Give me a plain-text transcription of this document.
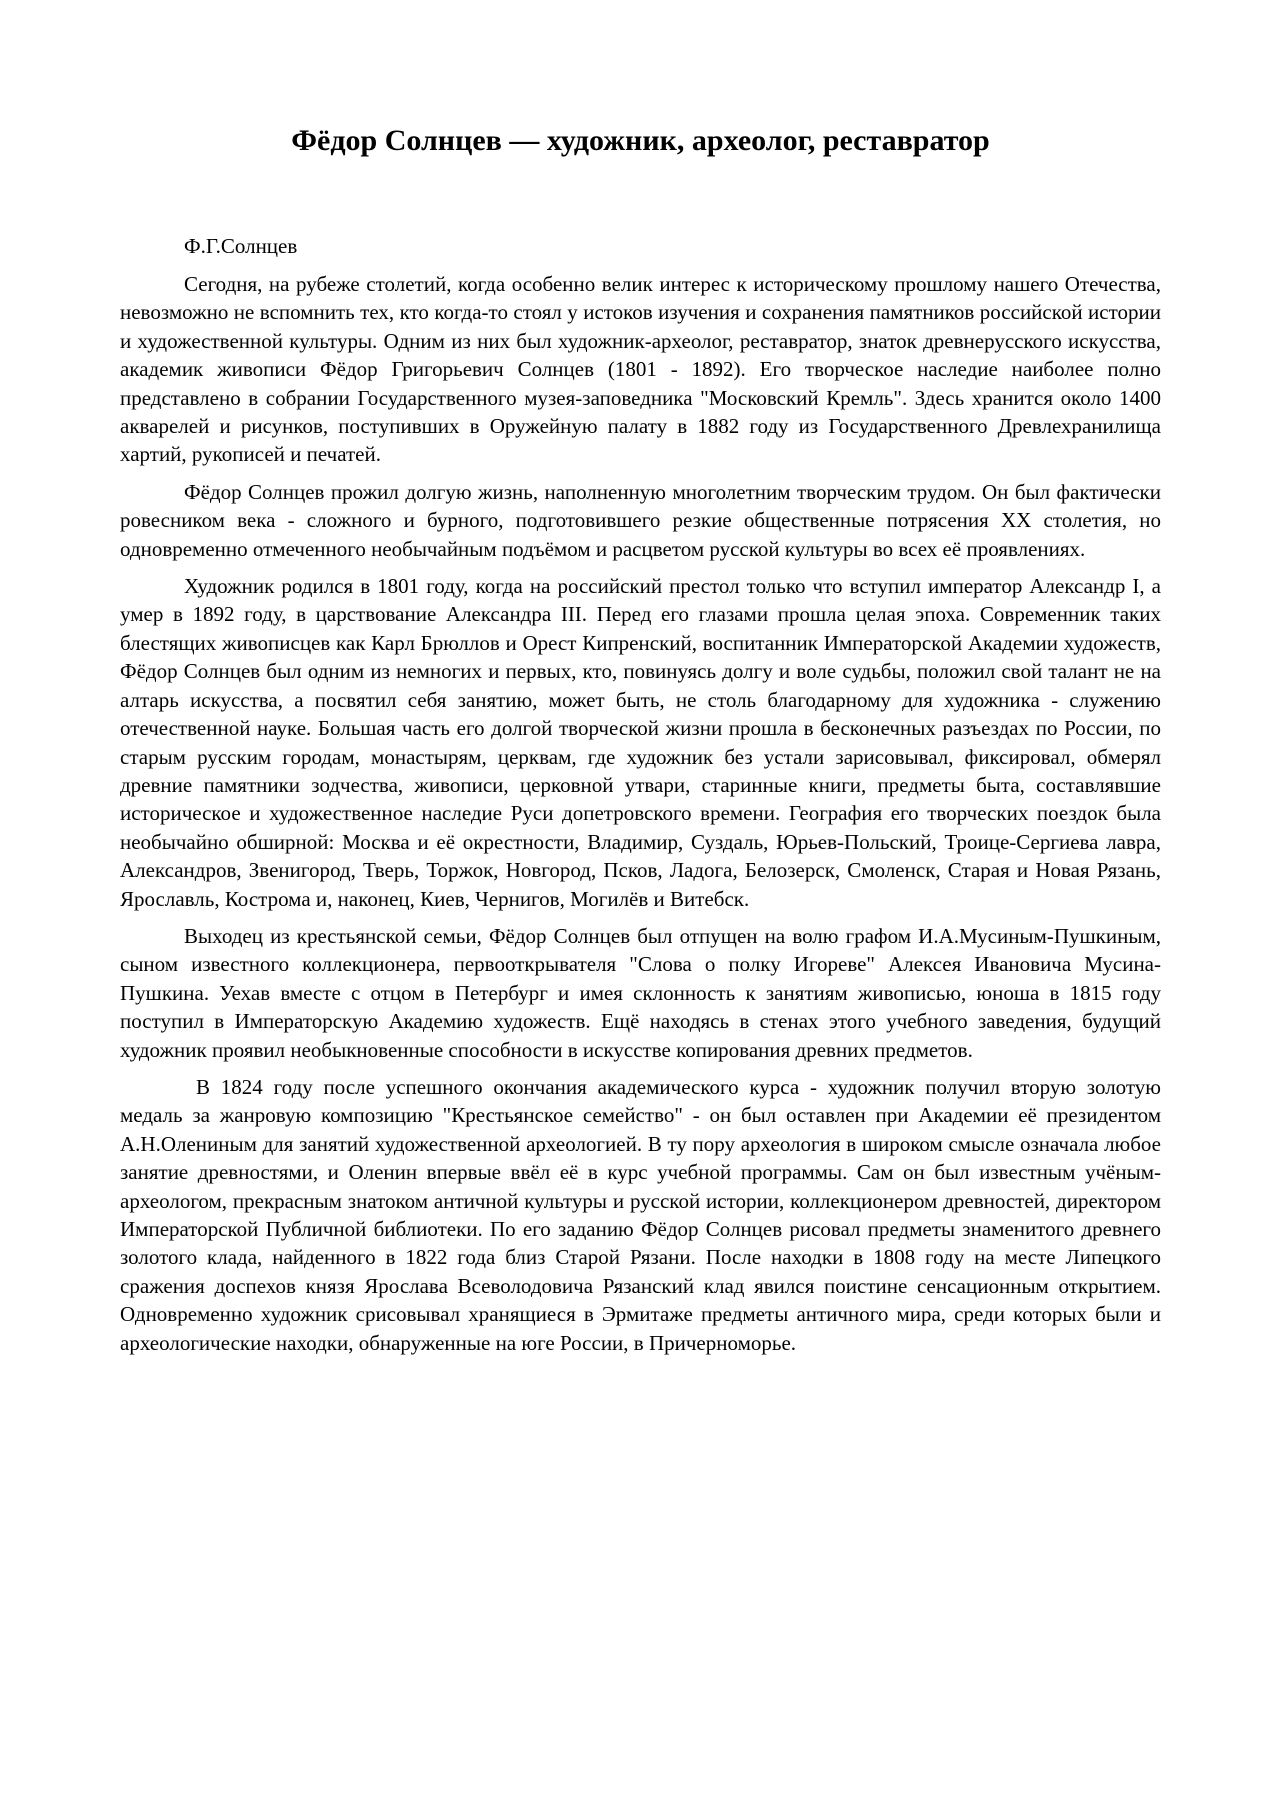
Фёдор Солнцев — художник, археолог, реставратор

Ф.Г.Солнцев

Сегодня, на рубеже столетий, когда особенно велик интерес к историческому прошлому нашего Отечества, невозможно не вспомнить тех, кто когда-то стоял у истоков изучения и сохранения памятников российской истории и художественной культуры. Одним из них был художник-археолог, реставратор, знаток древнерусского искусства, академик живописи Фёдор Григорьевич Солнцев (1801 - 1892). Его творческое наследие наиболее полно представлено в собрании Государственного музея-заповедника "Московский Кремль". Здесь хранится около 1400 акварелей и рисунков, поступивших в Оружейную палату в 1882 году из Государственного Древлехранилища хартий, рукописей и печатей.

Фёдор Солнцев прожил долгую жизнь, наполненную многолетним творческим трудом. Он был фактически ровесником века - сложного и бурного, подготовившего резкие общественные потрясения XX столетия, но одновременно отмеченного необычайным подъёмом и расцветом русской культуры во всех её проявлениях.

Художник родился в 1801 году, когда на российский престол только что вступил император Александр I, а умер в 1892 году, в царствование Александра III. Перед его глазами прошла целая эпоха. Современник таких блестящих живописцев как Карл Брюллов и Орест Кипренский, воспитанник Императорской Академии художеств, Фёдор Солнцев был одним из немногих и первых, кто, повинуясь долгу и воле судьбы, положил свой талант не на алтарь искусства, а посвятил себя занятию, может быть, не столь благодарному для художника - служению отечественной науке. Большая часть его долгой творческой жизни прошла в бесконечных разъездах по России, по старым русским городам, монастырям, церквам, где художник без устали зарисовывал, фиксировал, обмерял древние памятники зодчества, живописи, церковной утвари, старинные книги, предметы быта, составлявшие историческое и художественное наследие Руси допетровского времени. География его творческих поездок была необычайно обширной: Москва и её окрестности, Владимир, Суздаль, Юрьев-Польский, Троице-Сергиева лавра, Александров, Звенигород, Тверь, Торжок, Новгород, Псков, Ладога, Белозерск, Смоленск, Старая и Новая Рязань, Ярославль, Кострома и, наконец, Киев, Чернигов, Могилёв и Витебск.

Выходец из крестьянской семьи, Фёдор Солнцев был отпущен на волю графом И.А.Мусиным-Пушкиным, сыном известного коллекционера, первооткрывателя "Слова о полку Игореве" Алексея Ивановича Мусина-Пушкина. Уехав вместе с отцом в Петербург и имея склонность к занятиям живописью, юноша в 1815 году поступил в Императорскую Академию художеств. Ещё находясь в стенах этого учебного заведения, будущий художник проявил необыкновенные способности в искусстве копирования древних предметов.

В 1824 году после успешного окончания академического курса - художник получил вторую золотую медаль за жанровую композицию "Крестьянское семейство" - он был оставлен при Академии её президентом А.Н.Олениным для занятий художественной археологией. В ту пору археология в широком смысле означала любое занятие древностями, и Оленин впервые ввёл её в курс учебной программы. Сам он был известным учёным-археологом, прекрасным знатоком античной культуры и русской истории, коллекционером древностей, директором Императорской Публичной библиотеки. По его заданию Фёдор Солнцев рисовал предметы знаменитого древнего золотого клада, найденного в 1822 года близ Старой Рязани. После находки в 1808 году на месте Липецкого сражения доспехов князя Ярослава Всеволодовича Рязанский клад явился поистине сенсационным открытием. Одновременно художник срисовывал хранящиеся в Эрмитаже предметы античного мира, среди которых были и археологические находки, обнаруженные на юге России, в Причерноморье.
